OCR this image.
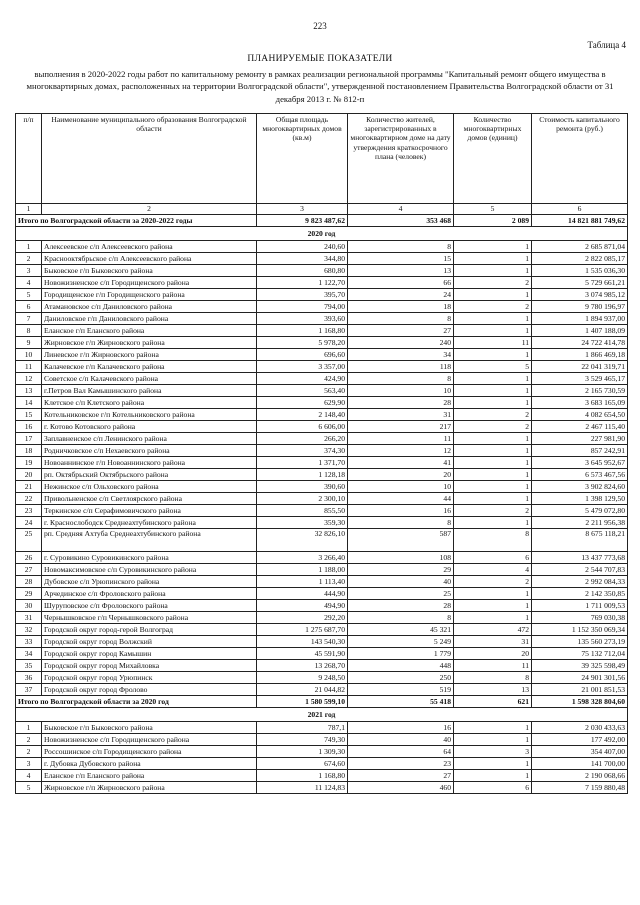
223
Таблица 4
ПЛАНИРУЕМЫЕ ПОКАЗАТЕЛИ
выполнения в 2020-2022 годы работ по капитальному ремонту в рамках реализации региональной программы "Капитальный ремонт общего имущества в многоквартирных домах, расположенных на территории Волгоградской области", утвержденной постановлением Правительства Волгоградской области от 31 декабря 2013 г. № 812-п
п/п	Наименование муниципального образования Волгоградской области	Общая площадь многоквартирных домов (кв.м)	Количество жителей, зарегистрированных в многоквартирном доме на дату утверждения краткосрочного плана (человек)	Количество многоквартирных домов (единиц)	Стоимость капитального ремонта (руб.)
1	2	3	4	5	6
Итого по Волгоградской области за 2020-2022 годы		9 823 487,62	353 468	2 089	14 821 881 749,62
2020 год					
1	Алексеевское с/п Алексеевского района	240,60	8	1	2 685 871,04
2	Краснооктябрьское с/п Алексеевского района	344,80	15	1	2 822 085,17
3	Быковское г/п Быковского района	680,80	13	1	1 535 036,30
4	Новожизненское с/п Городищенского района	1 122,70	66	2	5 729 661,21
5	Городищенское г/п Городищенского района	395,70	24	1	3 074 985,12
6	Атамановское с/п Даниловского района	794,00	18	2	9 780 196,97
7	Даниловское г/п Даниловского района	393,60	8	1	1 894 937,00
8	Еланское г/п Еланского района	1 168,80	27	1	1 407 188,09
9	Жирновское г/п Жирновского района	5 978,20	240	11	24 722 414,78
10	Линевское г/п Жирновского района	696,60	34	1	1 866 469,18
11	Калачевское г/п Калачевского района	3 357,00	118	5	22 041 319,71
12	Советское с/п Калачевского района	424,90	8	1	3 529 465,17
13	г.Петров Вал Камышинского района	563,40	10	1	2 165 730,59
14	Клетское с/п Клетского района	629,90	28	1	3 683 165,09
15	Котельниковское г/п Котельниковского района	2 148,40	31	2	4 082 654,50
16	г. Котово Котовского района	6 606,00	217	2	2 467 115,40
17	Заплавненское с/п Ленинского района	266,20	11	1	227 981,90
18	Родничковское с/п Нехаевского района	374,30	12	1	857 242,91
19	Новоаннинское г/п Новоаннинского района	1 371,70	41	1	3 645 952,67
20	рп. Октябрьский Октябрьского района	1 128,18	20	1	6 573 467,56
21	Нежинское с/п Ольховского района	390,60	10	1	3 902 824,60
22	Привольненское с/п Светлоярского района	2 300,10	44	1	1 398 129,50
23	Теркинское с/п Серафимовичского района	855,50	16	2	5 479 072,80
24	г. Краснослободск Среднеахтубинского района	359,30	8	1	2 211 956,38
25	рп. Средняя Ахтуба Среднеахтубинского района	32 826,10	587	8	8 675 118,21
26	г. Суровикино Суровикинского района	3 266,40	108	6	13 437 773,68
27	Новомаксимовское с/п Суровикинского района	1 188,00	29	4	2 544 707,83
28	Дубовское с/п Урюпинского района	1 113,40	40	2	2 992 084,33
29	Арчединское с/п Фроловского района	444,90	25	1	2 142 350,85
30	Шуруповское с/п Фроловского района	494,90	28	1	1 711 009,53
31	Чернышковское г/п Чернышковского района	292,20	8	1	769 030,38
32	Городской округ город-герой Волгоград	1 275 687,70	45 321	472	1 152 350 069,34
33	Городской округ город Волжский	143 540,30	5 249	31	135 560 273,19
34	Городской округ город Камышин	45 591,90	1 779	20	75 132 712,04
35	Городской округ город Михайловка	13 268,70	448	11	39 325 598,49
36	Городской округ город Урюпинск	9 248,50	250	8	24 901 301,56
37	Городской округ город Фролово	21 044,82	519	13	21 001 851,53
Итого по Волгоградской области за 2020 год		1 580 599,10	55 418	621	1 598 328 804,60
2021 год					
1	Быковское г/п Быковского района	787,1	16	1	2 030 433,63
2	Новожизненское с/п Городищенского района	749,30	40	1	177 492,00
2	Россошинское с/п Городищенского района	1 309,30	64	3	354 407,00
3	г. Дубовка Дубовского района	674,60	23	1	141 700,00
4	Еланское г/п Еланского района	1 168,80	27	1	2 190 068,66
5	Жирновское г/п Жирновского района	11 124,83	460	6	7 159 880,48
